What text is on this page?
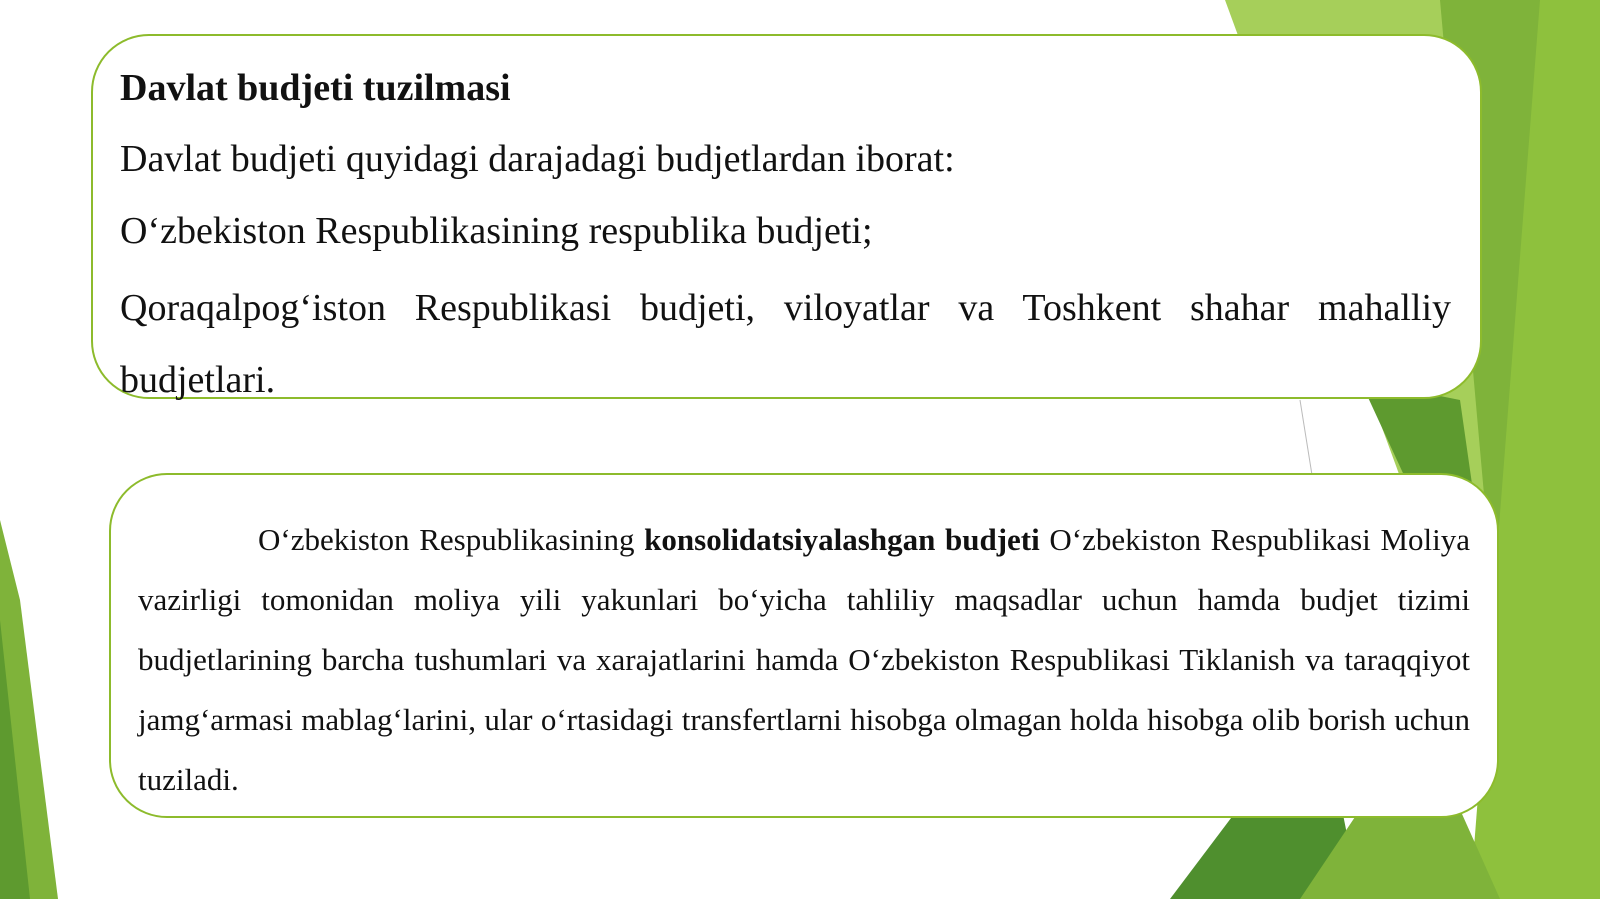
Davlat budjeti tuzilmasi

Davlat budjeti quyidagi darajadagi budjetlardan iborat:

O‘zbekiston Respublikasining respublika budjeti;

Qoraqalpog‘iston Respublikasi budjeti, viloyatlar va Toshkent shahar mahalliy budjetlari.

O‘zbekiston Respublikasining konsolidatsiyalashgan budjeti O‘zbekiston Respublikasi Moliya vazirligi tomonidan moliya yili yakunlari bo‘yicha tahliliy maqsadlar uchun hamda budjet tizimi budjetlarining barcha tushumlari va xarajatlarini hamda O‘zbekiston Respublikasi Tiklanish va taraqqiyot jamg‘armasi mablag‘larini, ular o‘rtasidagi transfertlarni hisobga olmagan holda hisobga olib borish uchun tuziladi.
